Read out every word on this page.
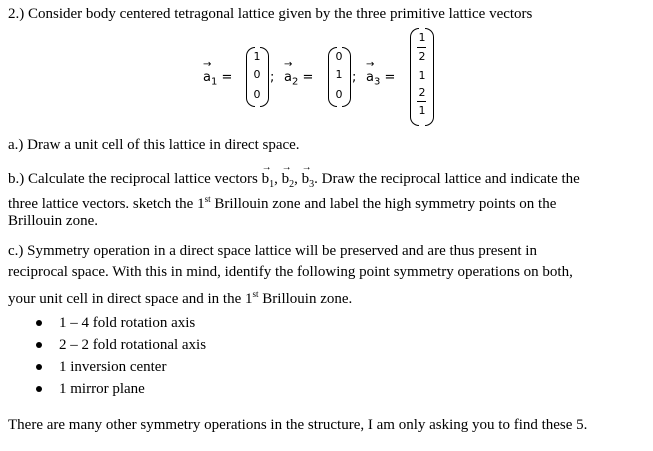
2.) Consider body centered tetragonal lattice given by the three primitive lattice vectors
→ $a_1$ =
1
0
0
; → $a_2$ =
0
1
0
; → $a_3$ =
1
2
1
2
1
a.) Draw a unit cell of this lattice in direct space.
b.) Calculate the reciprocal lattice vectors → $b_1$, → $b_2$, → $b_3$. Draw the reciprocal lattice and indicate the
three lattice vectors. sketch the 1st Brillouin zone and label the high symmetry points on the
Brillouin zone.
c.) Symmetry operation in a direct space lattice will be preserved and are thus present in
reciprocal space. With this in mind, identify the following point symmetry operations on both,
your unit cell in direct space and in the 1st Brillouin zone.
1 – 4 fold rotation axis
2 – 2 fold rotational axis
1 inversion center
1 mirror plane
There are many other symmetry operations in the structure, I am only asking you to find these 5.
